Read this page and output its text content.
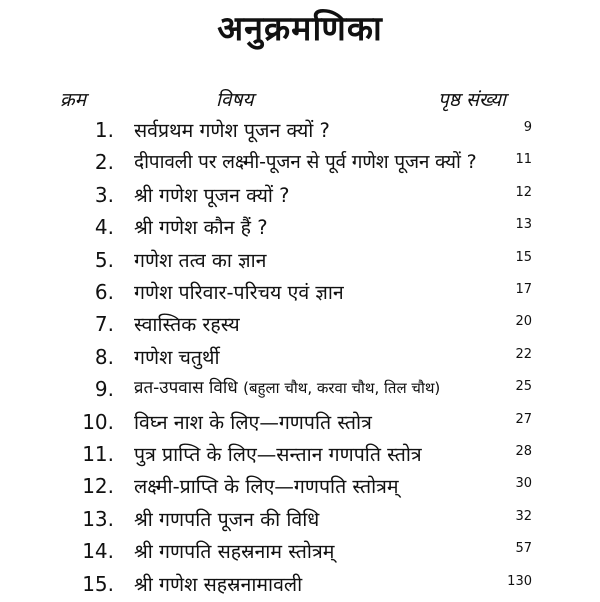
अनुक्रमणिका
क्रम	विषय	पृष्ठ संख्या
1. सर्वप्रथम गणेश पूजन क्यों ?	9
2. दीपावली पर लक्ष्मी-पूजन से पूर्व गणेश पूजन क्यों ?	11
3. श्री गणेश पूजन क्यों ?	12
4. श्री गणेश कौन हैं ?	13
5. गणेश तत्व का ज्ञान	15
6. गणेश परिवार-परिचय एवं ज्ञान	17
7. स्वास्तिक रहस्य	20
8. गणेश चतुर्थी	22
9. व्रत-उपवास विधि (बहुला चौथ, करवा चौथ, तिल चौथ)	25
10. विघ्न नाश के लिए—गणपति स्तोत्र	27
11. पुत्र प्राप्ति के लिए—सन्तान गणपति स्तोत्र	28
12. लक्ष्मी-प्राप्ति के लिए—गणपति स्तोत्रम्	30
13. श्री गणपति पूजन की विधि	32
14. श्री गणपति सहस्रनाम स्तोत्रम्	57
15. श्री गणेश सहस्रनामावली	130
